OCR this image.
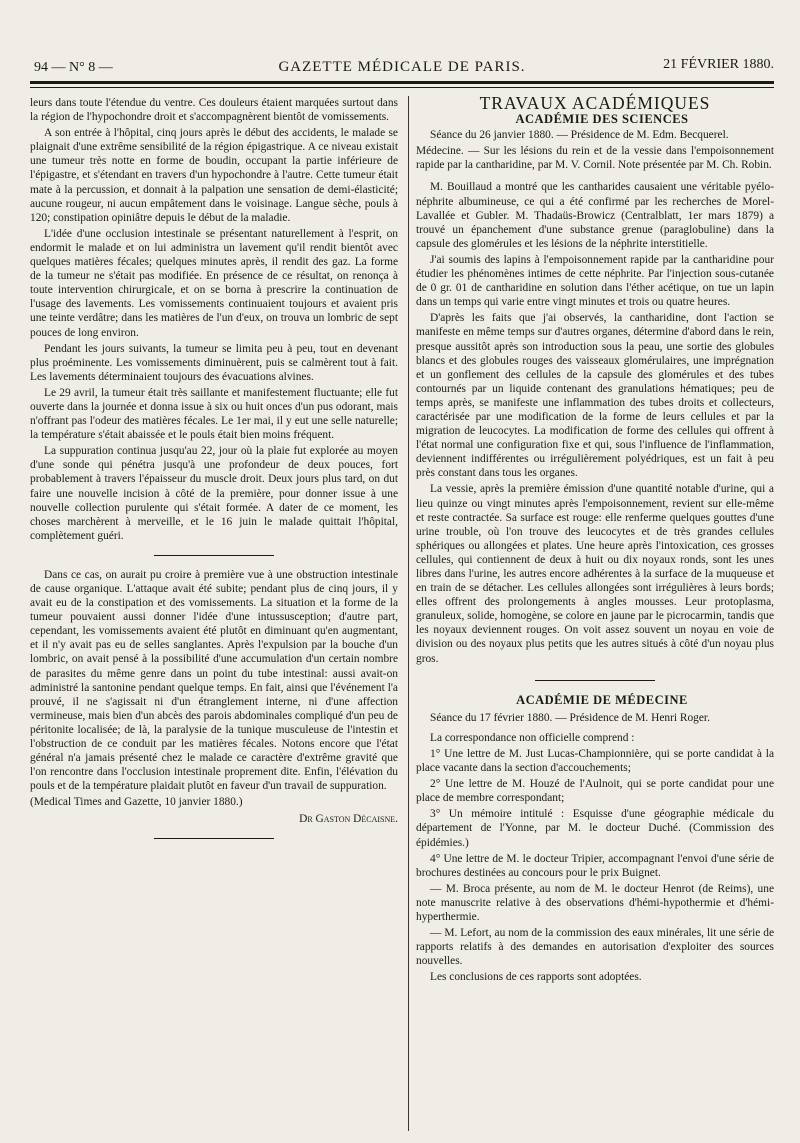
94 — N° 8 —	GAZETTE MÉDICALE DE PARIS.	21 FÉVRIER 1880.

leurs dans toute l'étendue du ventre. Ces douleurs étaient marquées surtout dans la région de l'hypochondre droit et s'accompagnèrent bientôt de vomissements.

A son entrée à l'hôpital, cinq jours après le début des accidents, le malade se plaignait d'une extrême sensibilité de la région épigastrique. A ce niveau existait une tumeur très notte en forme de boudin, occupant la partie inférieure de l'épigastre, et s'étendant en travers d'un hypochondre à l'autre. Cette tumeur était mate à la percussion, et donnait à la palpation une sensation de demi-élasticité; aucune rougeur, ni aucun empâtement dans le voisinage. Langue sèche, pouls à 120; constipation opiniâtre depuis le début de la maladie.

L'idée d'une occlusion intestinale se présentant naturellement à l'esprit, on endormit le malade et on lui administra un lavement qu'il rendit bientôt avec quelques matières fécales; quelques minutes après, il rendit des gaz. La forme de la tumeur ne s'était pas modifiée. En présence de ce résultat, on renonça à toute intervention chirurgicale, et on se borna à prescrire la continuation de l'usage des lavements. Les vomissements continuaient toujours et avaient pris une teinte verdâtre; dans les matières de l'un d'eux, on trouva un lombric de sept pouces de long environ.

Pendant les jours suivants, la tumeur se limita peu à peu, tout en devenant plus proéminente. Les vomissements diminuèrent, puis se calmèrent tout à fait. Les lavements déterminaient toujours des évacuations alvines.

Le 29 avril, la tumeur était très saillante et manifestement fluctuante; elle fut ouverte dans la journée et donna issue à six ou huit onces d'un pus odorant, mais n'offrant pas l'odeur des matières fécales. Le 1er mai, il y eut une selle naturelle; la température s'était abaissée et le pouls était bien moins fréquent.

La suppuration continua jusqu'au 22, jour où la plaie fut explorée au moyen d'une sonde qui pénétra jusqu'à une profondeur de deux pouces, fort probablement à travers l'épaisseur du muscle droit. Deux jours plus tard, on dut faire une nouvelle incision à côté de la première, pour donner issue à une nouvelle collection purulente qui s'était formée. A dater de ce moment, les choses marchèrent à merveille, et le 16 juin le malade quittait l'hôpital, complètement guéri.

Dans ce cas, on aurait pu croire à première vue à une obstruction intestinale de cause organique. L'attaque avait été subite; pendant plus de cinq jours, il y avait eu de la constipation et des vomissements. La situation et la forme de la tumeur pouvaient aussi donner l'idée d'une intussusception; d'autre part, cependant, les vomissements avaient été plutôt en diminuant qu'en augmentant, et il n'y avait pas eu de selles sanglantes. Après l'expulsion par la bouche d'un lombric, on avait pensé à la possibilité d'une accumulation d'un certain nombre de parasites du même genre dans un point du tube intestinal: aussi avait-on administré la santonine pendant quelque temps. En fait, ainsi que l'événement l'a prouvé, il ne s'agissait ni d'un étranglement interne, ni d'une affection vermineuse, mais bien d'un abcès des parois abdominales compliqué d'un peu de péritonite localisée; de là, la paralysie de la tunique musculeuse de l'intestin et l'obstruction de ce conduit par les matières fécales. Notons encore que l'état général n'a jamais présenté chez le malade ce caractère d'extrême gravité que l'on rencontre dans l'occlusion intestinale proprement dite. Enfin, l'élévation du pouls et de la température plaidait plutôt en faveur d'un travail de suppuration.

(Medical Times and Gazette, 10 janvier 1880.)

Dr Gaston Décaisne.

TRAVAUX ACADÉMIQUES

ACADÉMIE DES SCIENCES

Séance du 26 janvier 1880. — Présidence de M. Edm. Becquerel.

Médecine. — Sur les lésions du rein et de la vessie dans l'empoisonnement rapide par la cantharidine, par M. V. Cornil. Note présentée par M. Ch. Robin.

M. Bouillaud a montré que les cantharides causaient une véritable pyélo-néphrite albumineuse, ce qui a été confirmé par les recherches de Morel-Lavallée et Gubler. M. Thadaüs-Browicz (Centralblatt, 1er mars 1879) a trouvé un épanchement d'une substance grenue (paraglobuline) dans la capsule des glomérules et les lésions de la néphrite interstitielle.

J'ai soumis des lapins à l'empoisonnement rapide par la cantharidine pour étudier les phénomènes intimes de cette néphrite. Par l'injection sous-cutanée de 0 gr. 01 de cantharidine en solution dans l'éther acétique, on tue un lapin dans un temps qui varie entre vingt minutes et trois ou quatre heures.

D'après les faits que j'ai observés, la cantharidine, dont l'action se manifeste en même temps sur d'autres organes, détermine d'abord dans le rein, presque aussitôt après son introduction sous la peau, une sortie des globules blancs et des globules rouges des vaisseaux glomérulaires, une imprégnation et un gonflement des cellules de la capsule des glomérules et des tubes contournés par un liquide contenant des granulations hématiques; peu de temps après, se manifeste une inflammation des tubes droits et collecteurs, caractérisée par une modification de la forme de leurs cellules et par la migration de leucocytes. La modification de forme des cellules qui offrent à l'état normal une configuration fixe et qui, sous l'influence de l'inflammation, deviennent indifférentes ou irrégulièrement polyédriques, est un fait à peu près constant dans tous les organes.

La vessie, après la première émission d'une quantité notable d'urine, qui a lieu quinze ou vingt minutes après l'empoisonnement, revient sur elle-même et reste contractée. Sa surface est rouge: elle renferme quelques gouttes d'une urine trouble, où l'on trouve des leucocytes et de très grandes cellules sphériques ou allongées et plates. Une heure après l'intoxication, ces grosses cellules, qui contiennent de deux à huit ou dix noyaux ronds, sont les unes libres dans l'urine, les autres encore adhérentes à la surface de la muqueuse et en train de se détacher. Les cellules allongées sont irrégulières à leurs bords; elles offrent des prolongements à angles mousses. Leur protoplasma, granuleux, solide, homogène, se colore en jaune par le picrocarmin, tandis que les noyaux deviennent rouges. On voit assez souvent un noyau en voie de division ou des noyaux plus petits que les autres situés à côté d'un noyau plus gros.

ACADÉMIE DE MÉDECINE

Séance du 17 février 1880. — Présidence de M. Henri Roger.

La correspondance non officielle comprend :

1° Une lettre de M. Just Lucas-Championnière, qui se porte candidat à la place vacante dans la section d'accouchements;

2° Une lettre de M. Houzé de l'Aulnoit, qui se porte candidat pour une place de membre correspondant;

3° Un mémoire intitulé : Esquisse d'une géographie médicale du département de l'Yonne, par M. le docteur Duché. (Commission des épidémies.)

4° Une lettre de M. le docteur Tripier, accompagnant l'envoi d'une série de brochures destinées au concours pour le prix Buignet.

— M. Broca présente, au nom de M. le docteur Henrot (de Reims), une note manuscrite relative à des observations d'hémi-hypothermie et d'hémi-hyperthermie.

— M. Lefort, au nom de la commission des eaux minérales, lit une série de rapports relatifs à des demandes en autorisation d'exploiter des sources nouvelles.

Les conclusions de ces rapports sont adoptées.
